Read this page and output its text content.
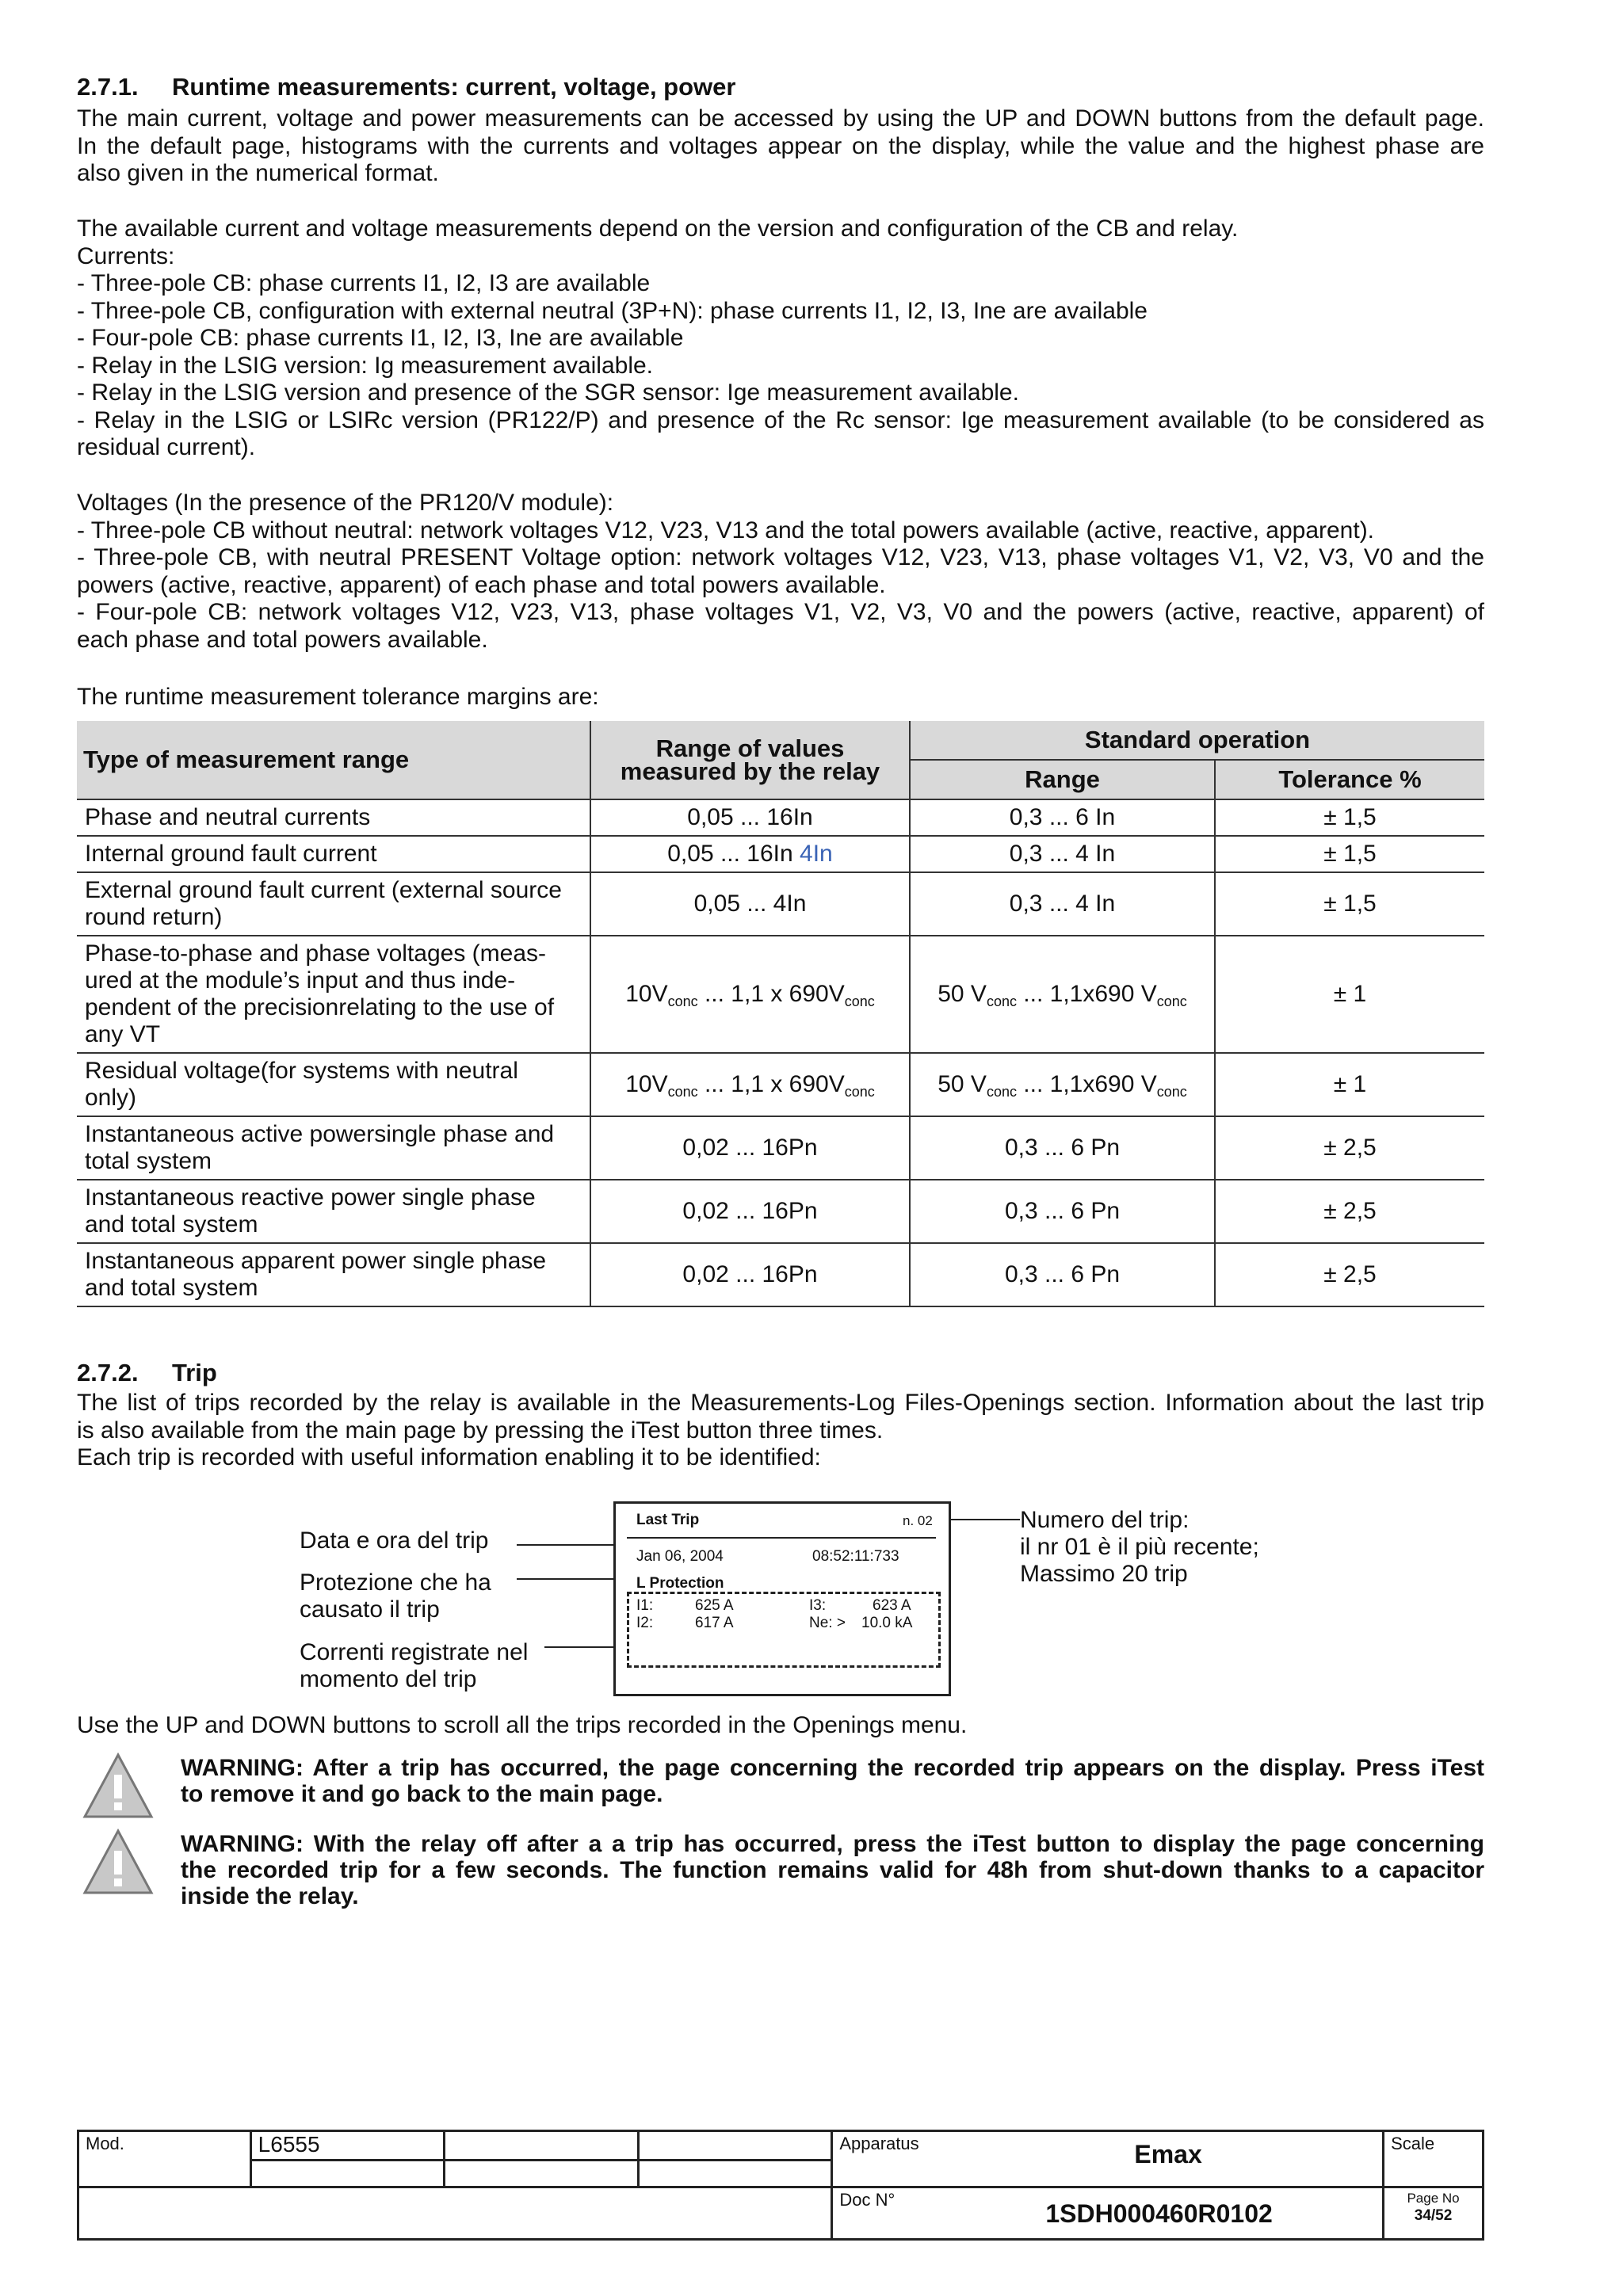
2.7.1. Runtime measurements: current, voltage, power
The main current, voltage and power measurements can be accessed by using the UP and DOWN buttons from the default page.
In the default page, histograms with the currents and voltages appear on the display, while the value and the highest phase are
also given in the numerical format.
The available current and voltage measurements depend on the version and configuration of the CB and relay.
Currents:
- Three-pole CB: phase currents I1, I2, I3 are available
- Three-pole CB, configuration with external neutral (3P+N): phase currents I1, I2, I3, Ine are available
- Four-pole CB: phase currents I1, I2, I3, Ine are available
- Relay in the LSIG version: Ig measurement available.
- Relay in the LSIG version and presence of the SGR sensor: Ige measurement available.
- Relay in the LSIG or LSIRc version (PR122/P) and presence of the Rc sensor: Ige measurement available (to be considered as
residual current).
Voltages (In the presence of the PR120/V module):
- Three-pole CB without neutral: network voltages V12, V23, V13 and the total powers available (active, reactive, apparent).
- Three-pole CB, with neutral PRESENT Voltage option: network voltages V12, V23, V13, phase voltages V1, V2, V3, V0 and the
powers (active, reactive, apparent) of each phase and total powers available.
- Four-pole CB: network voltages V12, V23, V13, phase voltages V1, V2, V3, V0 and the powers (active, reactive, apparent) of
each phase and total powers available.
The runtime measurement tolerance margins are:
Type of measurement range	Range of values
measured by the relay	Standard operation	
		Range	Tolerance %
Phase and neutral currents	0,05 ... 16In	0,3 ... 6 In	± 1,5
Internal ground fault current	0,05 ... 16In 4In	0,3 ... 4 In	± 1,5

External ground fault current (external source
round return)	0,05 ... 4In	0,3 ... 4 In	± 1,5

Phase-to-phase and phase voltages (meas-
ured at the module’s input and thus inde-
pendent of the precisionrelating to the use of
any VT	$10V_{conc}$ ... 1,1 x $690V_{conc}$	50 $V_{conc}$ ... 1,1x690 $V_{conc}$	± 1

Residual voltage(for systems with neutral
only)	$10V_{conc}$ ... 1,1 x $690V_{conc}$	50 $V_{conc}$ ... 1,1x690 $V_{conc}$	± 1

Instantaneous active powersingle phase and
total system	0,02 ... 16Pn	0,3 ... 6 Pn	± 2,5

Instantaneous reactive power single phase
and total system	0,02 ... 16Pn	0,3 ... 6 Pn	± 2,5

Instantaneous apparent power single phase
and total system	0,02 ... 16Pn	0,3 ... 6 Pn	± 2,5
2.7.2. Trip
The list of trips recorded by the relay is available in the Measurements-Log Files-Openings section. Information about the last trip
is also available from the main page by pressing the iTest button three times.
Each trip is recorded with useful information enabling it to be identified:
Data e ora del trip
Protezione che ha
causato il trip
Correnti registrate nel
momento del trip
Numero del trip:
il nr 01 è il più recente;
Massimo 20 trip
Last Trip	n. 02
Jan 06, 2004	08:52:11:733
L Protection
I1:	625 A
I2:	617 A
I3:	623 A
Ne: > 10.0 kA
Use the UP and DOWN buttons to scroll all the trips recorded in the Openings menu.
WARNING: After a trip has occurred, the page concerning the recorded trip appears on the display. Press iTest
to remove it and go back to the main page.
WARNING: With the relay off after a a trip has occurred, press the iTest button to display the page concerning
the recorded trip for a few seconds. The function remains valid for 48h from shut-down thanks to a capacitor
inside the relay.
Mod.	L6555			Apparatus Emax	Scale

				Doc N° 1SDH000460R0102	Page No
34/52
